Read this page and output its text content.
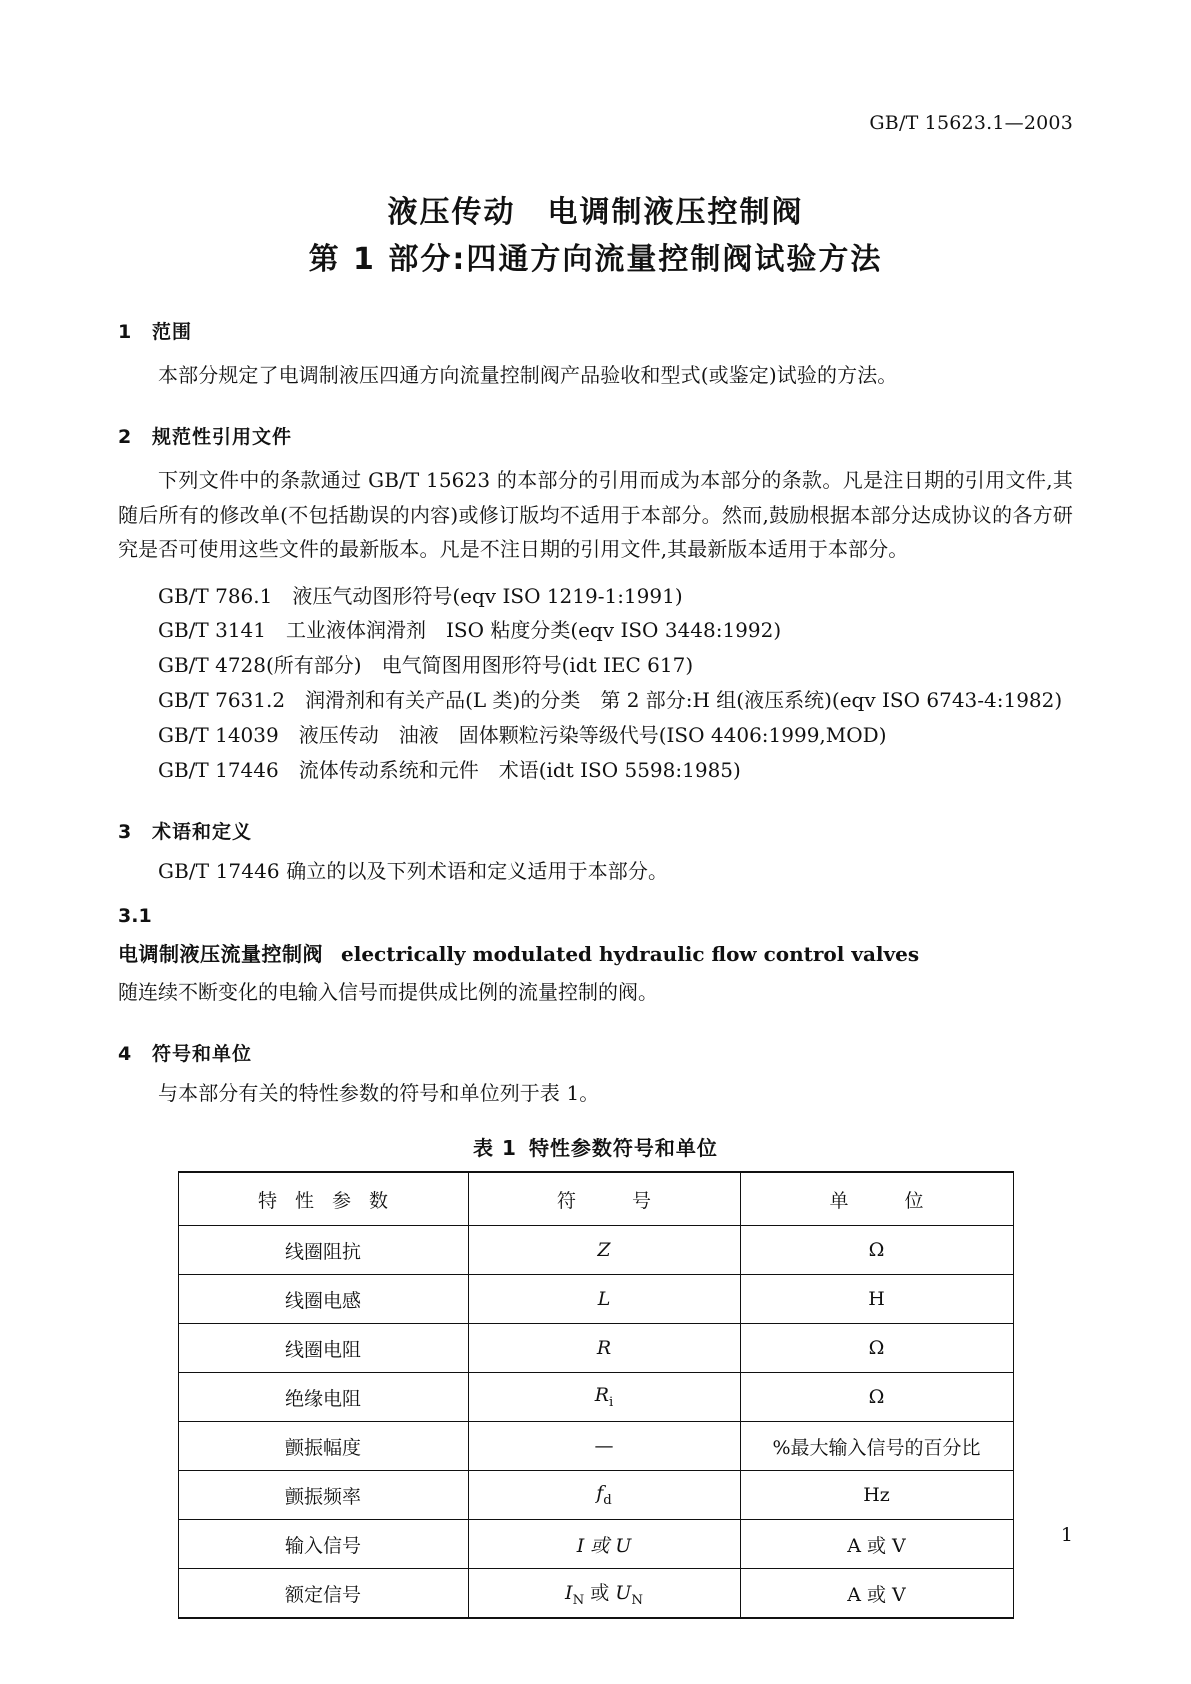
GB/T 15623.1—2003
液压传动　电调制液压控制阀
第 1 部分:四通方向流量控制阀试验方法
1 范围

本部分规定了电调制液压四通方向流量控制阀产品验收和型式(或鉴定)试验的方法。

2 规范性引用文件

下列文件中的条款通过 GB/T 15623 的本部分的引用而成为本部分的条款。凡是注日期的引用文件,其随后所有的修改单(不包括勘误的内容)或修订版均不适用于本部分。然而,鼓励根据本部分达成协议的各方研究是否可使用这些文件的最新版本。凡是不注日期的引用文件,其最新版本适用于本部分。

GB/T 786.1　液压气动图形符号(eqv ISO 1219-1:1991)
GB/T 3141　工业液体润滑剂　ISO 粘度分类(eqv ISO 3448:1992)
GB/T 4728(所有部分)　电气简图用图形符号(idt IEC 617)
GB/T 7631.2　润滑剂和有关产品(L 类)的分类　第 2 部分:H 组(液压系统)(eqv ISO 6743-4:1982)
GB/T 14039　液压传动　油液　固体颗粒污染等级代号(ISO 4406:1999,MOD)
GB/T 17446　流体传动系统和元件　术语(idt ISO 5598:1985)
3 术语和定义

GB/T 17446 确立的以及下列术语和定义适用于本部分。

3.1
电调制液压流量控制阀 electrically modulated hydraulic flow control valves
随连续不断变化的电输入信号而提供成比例的流量控制的阀。
4 符号和单位

与本部分有关的特性参数的符号和单位列于表 1。

表 1 特性参数符号和单位
特 性 参 数	符　　号	单　　位
线圈阻抗	Z	Ω
线圈电感	L	H
线圈电阻	R	Ω
绝缘电阻	$R_i$	Ω
颤振幅度	—	%最大输入信号的百分比
颤振频率	$f_d$	Hz
输入信号	I 或 U	A 或 V
额定信号	$I_N$ 或 $U_N$	A 或 V
1
